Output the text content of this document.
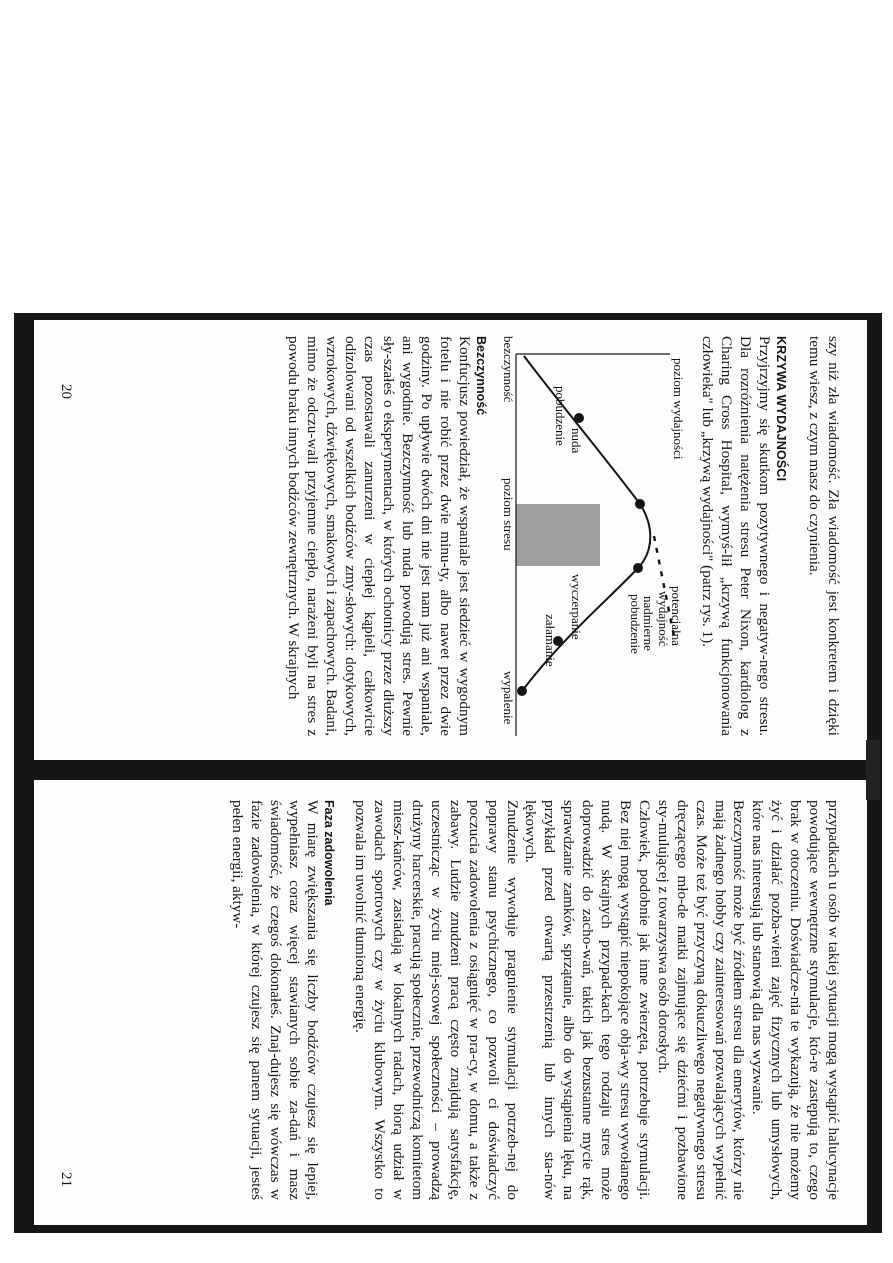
szy niż zła wiadomość. Zła wiadomość jest konkretem i dzięki temu wiesz, z czym masz do czynienia.

KRZYWA WYDAJNOŚCI

Przyjrzyjmy się skutkom pozytywnego i negatyw-nego stresu. Dla rozróżnienia natężenia stresu Peter Nixon, kardiolog z Charing Cross Hospital, wymyś-lił „krzywą funkcjonowania człowieka" lub „krzywą wydajności" (patrz rys. 1).

poziom wydajności
pobudzenie nuda
potencjalna
wydajność
nadmierne
pobudzenie
wyczerpanie
załamanie
bezczynność
poziom stresu
wypalenie
Bezczynność

Konfucjusz powiedział, że wspaniale jest siedzieć w wygodnym fotelu i nie robić przez dwie minu-ty, albo nawet przez dwie godziny. Po upływie dwóch dni nie jest nam już ani wspaniale, ani wygodnie. Bezczynność lub nuda powodują stres. Pewnie sły-szałeś o eksperymentach, w których ochotnicy przez dłuższy czas pozostawali zanurzeni w ciepłej kąpieli, całkowicie odizolowani od wszelkich bodźców zmy-słowych: dotykowych, wzrokowych, dźwiękowych, smakowych i zapachowych. Badani, mimo że odczu-wali przyjemne ciepło, narażeni byli na stres z powodu braku innych bodźców zewnętrznych. W skrajnych

20

przypadkach u osób w takiej sytuacji mogą wystąpić halucynacje powodujące wewnętrzne stymulacje, któ-re zastępują to, czego brak w otoczeniu. Doświadcze-nia te wykazują, że nie możemy żyć i działać pozba-wieni zajęć fizycznych lub umysłowych, które nas interesują lub stanowią dla nas wyzwanie.

Bezczynność może być źródłem stresu dla emerytów, którzy nie mają żadnego hobby czy zainteresowań pozwalających wypełnić czas. Może też być przyczyną dokuczliwego negatywnego stresu dręczącego mło-de matki zajmujące się dziećmi i pozbawione sty-mulującej z towarzystwa osób dorosłych.

Człowiek, podobnie jak inne zwierzęta, potrzebuje stymulacji. Bez niej mogą wystąpić niepokojące obja-wy stresu wywołanego nudą. W skrajnych przypad-kach tego rodzaju stres może doprowadzić do zacho-wań, takich jak bezustanne mycie rąk, sprawdzanie zamków, sprzątanie, albo do wystąpienia lęku, na przykład przed otwartą przestrzenią lub innych sta-nów lękowych.

Znudzenie wywołuje pragnienie stymulacji potrzeb-nej do poprawy stanu psychicznego, co pozwoli ci doświadczyć poczucia zadowolenia z osiągnięć w pra-cy, w domu, a także z zabawy. Ludzie znudzeni pracą często znajdują satysfakcję, uczestnicząc w życiu miej-scowej społeczności – prowadzą drużyny harcerskie, pracują społecznie, przewodniczą komitetom miesz-kańców, zasiadają w lokalnych radach, biorą udział w zawodach sportowych czy w życiu klubowym. Wszystko to pozwala im uwolnić tłumioną energię.

Faza zadowolenia

W miarę zwiększania się liczby bodźców czujesz się lepiej, wypełniasz coraz więcej stawianych sobie za-dań i masz świadomość, że czegoś dokonałeś. Znaj-dujesz się wówczas w fazie zadowolenia, w której czujesz się panem sytuacji, jesteś pełen energii, aktyw-

21
